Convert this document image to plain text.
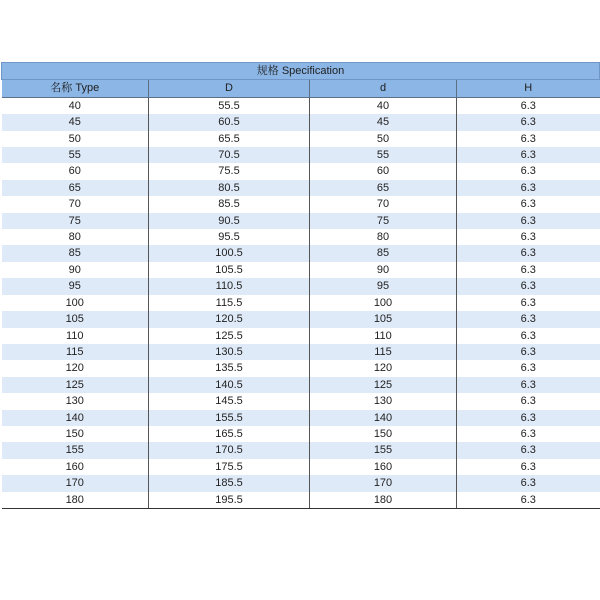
规格 Specification			
名称 Type	D	d	H
40	55.5	40	6.3
45	60.5	45	6.3
50	65.5	50	6.3
55	70.5	55	6.3
60	75.5	60	6.3
65	80.5	65	6.3
70	85.5	70	6.3
75	90.5	75	6.3
80	95.5	80	6.3
85	100.5	85	6.3
90	105.5	90	6.3
95	110.5	95	6.3
100	115.5	100	6.3
105	120.5	105	6.3
110	125.5	110	6.3
115	130.5	115	6.3
120	135.5	120	6.3
125	140.5	125	6.3
130	145.5	130	6.3
140	155.5	140	6.3
150	165.5	150	6.3
155	170.5	155	6.3
160	175.5	160	6.3
170	185.5	170	6.3
180	195.5	180	6.3
